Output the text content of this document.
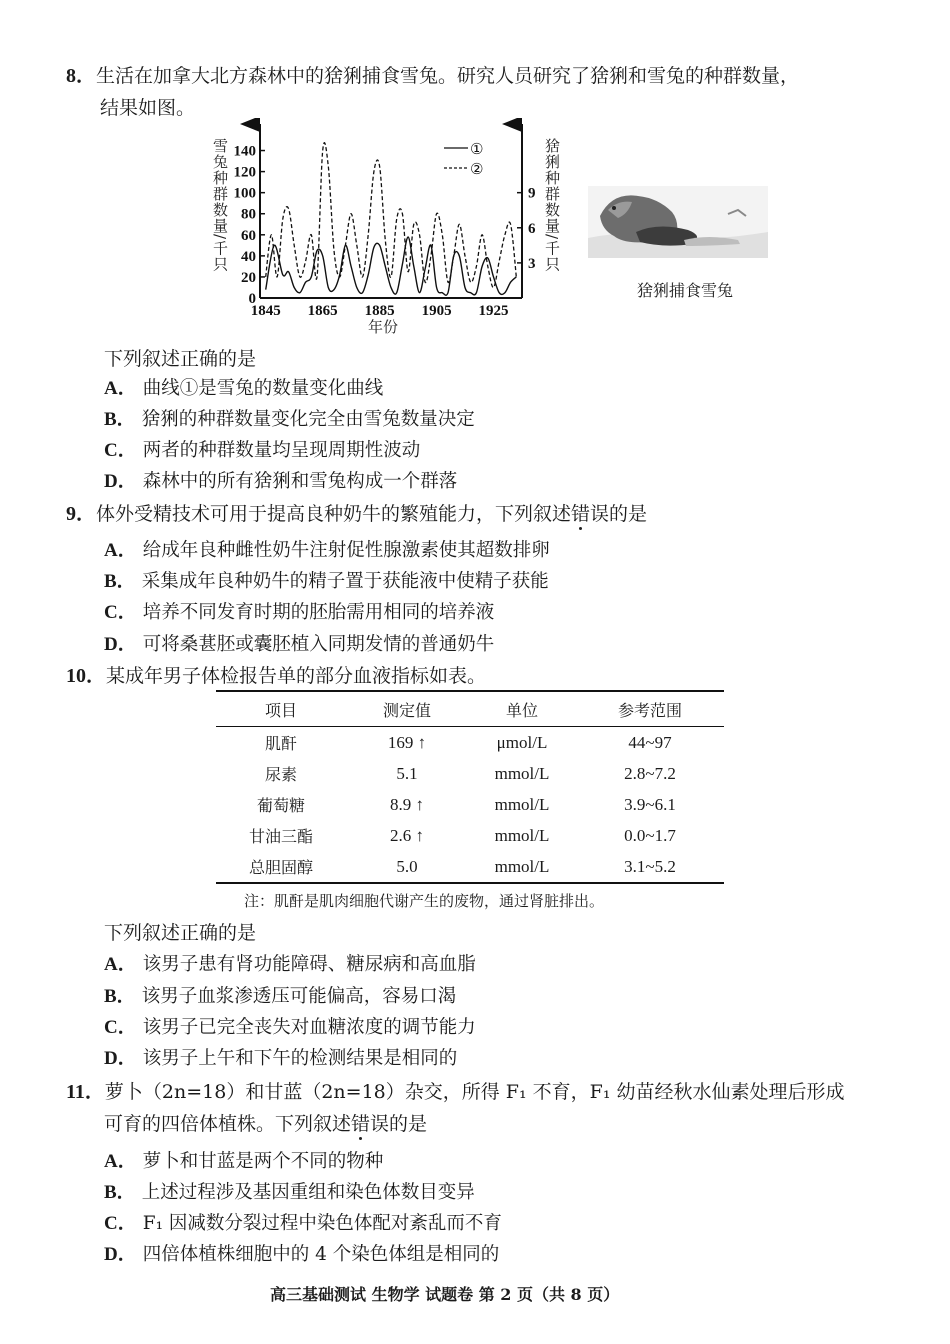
8．生活在加拿大北方森林中的猞猁捕食雪兔。研究人员研究了猞猁和雪兔的种群数量，
结果如图。
雪兔种群数量/千只	猞猁种群数量/千只
0
20
40
60
80
100
120
140
3
6
9
1845 1865 1885 1905 1925
①
②
年份
猞猁捕食雪兔
下列叙述正确的是
A． 曲线①是雪兔的数量变化曲线
B． 猞猁的种群数量变化完全由雪兔数量决定
C． 两者的种群数量均呈现周期性波动
D． 森林中的所有猞猁和雪兔构成一个群落
9．体外受精技术可用于提高良种奶牛的繁殖能力，下列叙述错误的是
A． 给成年良种雌性奶牛注射促性腺激素使其超数排卵
B． 采集成年良种奶牛的精子置于获能液中使精子获能
C． 培养不同发育时期的胚胎需用相同的培养液
D． 可将桑葚胚或囊胚植入同期发情的普通奶牛
10．某成年男子体检报告单的部分血液指标如表。
项目	测定值	单位	参考范围
肌酐	169 ↑	μmol/L	44~97
尿素	5.1	mmol/L	2.8~7.2
葡萄糖	8.9 ↑	mmol/L	3.9~6.1
甘油三酯	2.6 ↑	mmol/L	0.0~1.7
总胆固醇	5.0	mmol/L	3.1~5.2
注：肌酐是肌肉细胞代谢产生的废物，通过肾脏排出。
下列叙述正确的是
A． 该男子患有肾功能障碍、糖尿病和高血脂
B． 该男子血浆渗透压可能偏高，容易口渴
C． 该男子已完全丧失对血糖浓度的调节能力
D． 该男子上午和下午的检测结果是相同的
11．萝卜（2n=18）和甘蓝（2n=18）杂交，所得 F₁ 不育，F₁ 幼苗经秋水仙素处理后形成
可育的四倍体植株。下列叙述错误的是
A． 萝卜和甘蓝是两个不同的物种
B． 上述过程涉及基因重组和染色体数目变异
C． F₁ 因减数分裂过程中染色体配对紊乱而不育
D． 四倍体植株细胞中的 4 个染色体组是相同的
高三基础测试 生物学 试题卷 第 2 页（共 8 页）
